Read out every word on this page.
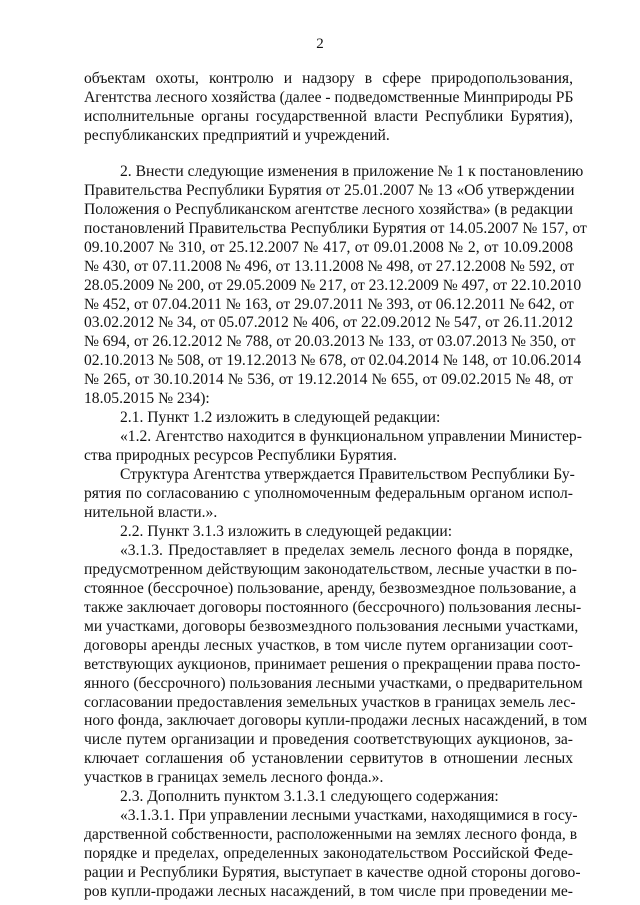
2
объектам охоты, контролю и надзору в сфере природопользования,
Агентства лесного хозяйства (далее - подведомственные Минприроды РБ
исполнительные органы государственной власти Республики Бурятия),
республиканских предприятий и учреждений.
2. Внести следующие изменения в приложение № 1 к постановлению
Правительства Республики Бурятия от 25.01.2007 № 13 «Об утверждении
Положения о Республиканском агентстве лесного хозяйства» (в редакции
постановлений Правительства Республики Бурятия от 14.05.2007 № 157, от
09.10.2007 № 310, от 25.12.2007 № 417, от 09.01.2008 № 2, от 10.09.2008
№ 430, от 07.11.2008 № 496, от 13.11.2008 № 498, от 27.12.2008 № 592, от
28.05.2009 № 200, от 29.05.2009 № 217, от 23.12.2009 № 497, от 22.10.2010
№ 452, от 07.04.2011 № 163, от 29.07.2011 № 393, от 06.12.2011 № 642, от
03.02.2012 № 34, от 05.07.2012 № 406, от 22.09.2012 № 547, от 26.11.2012
№ 694, от 26.12.2012 № 788, от 20.03.2013 № 133, от 03.07.2013 № 350, от
02.10.2013 № 508, от 19.12.2013 № 678, от 02.04.2014 № 148, от 10.06.2014
№ 265, от 30.10.2014 № 536, от 19.12.2014 № 655, от 09.02.2015 № 48, от
18.05.2015 № 234):
2.1. Пункт 1.2 изложить в следующей редакции:
«1.2. Агентство находится в функциональном управлении Министер-
ства природных ресурсов Республики Бурятия.
Структура Агентства утверждается Правительством Республики Бу-
рятия по согласованию с уполномоченным федеральным органом испол-
нительной власти.».
2.2. Пункт 3.1.3 изложить в следующей редакции:
«3.1.3. Предоставляет в пределах земель лесного фонда в порядке,
предусмотренном действующим законодательством, лесные участки в по-
стоянное (бессрочное) пользование, аренду, безвозмездное пользование, а
также заключает договоры постоянного (бессрочного) пользования лесны-
ми участками, договоры безвозмездного пользования лесными участками,
договоры аренды лесных участков, в том числе путем организации соот-
ветствующих аукционов, принимает решения о прекращении права посто-
янного (бессрочного) пользования лесными участками, о предварительном
согласовании предоставления земельных участков в границах земель лес-
ного фонда, заключает договоры купли-продажи лесных насаждений, в том
числе путем организации и проведения соответствующих аукционов, за-
ключает соглашения об установлении сервитутов в отношении лесных
участков в границах земель лесного фонда.».
2.3. Дополнить пунктом 3.1.3.1 следующего содержания:
«3.1.3.1. При управлении лесными участками, находящимися в госу-
дарственной собственности, расположенными на землях лесного фонда, в
порядке и пределах, определенных законодательством Российской Феде-
рации и Республики Бурятия, выступает в качестве одной стороны догово-
ров купли-продажи лесных насаждений, в том числе при проведении ме-
